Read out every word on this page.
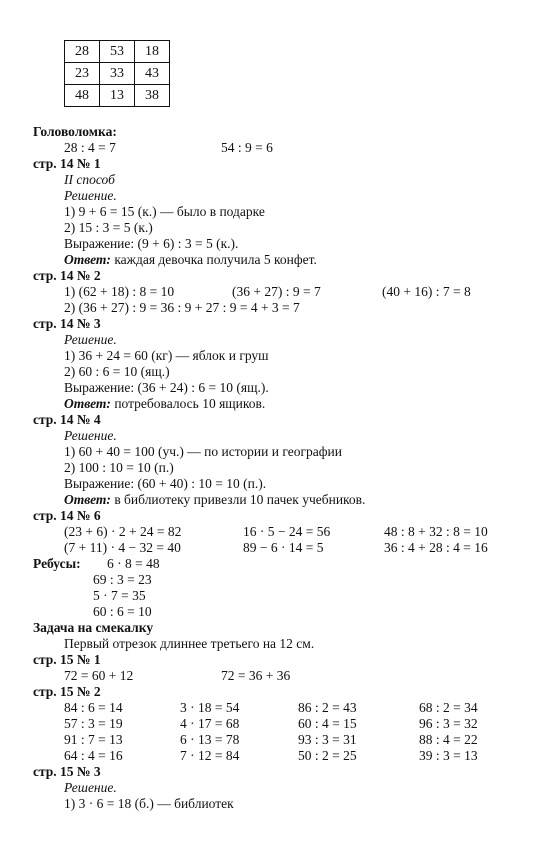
28	53	18
23	33	43
48	13	38
Головоломка:
28 : 4 = 7	54 : 9 = 6
стр. 14 № 1
II способ
Решение.
1) 9 + 6 = 15 (к.) — было в подарке
2) 15 : 3 = 5 (к.)
Выражение: (9 + 6) : 3 = 5 (к.).
Ответ: каждая девочка получила 5 конфет.
стр. 14 № 2
1) (62 + 18) : 8 = 10	(36 + 27) : 9 = 7	(40 + 16) : 7 = 8
2) (36 + 27) : 9 = 36 : 9 + 27 : 9 = 4 + 3 = 7
стр. 14 № 3
Решение.
1) 36 + 24 = 60 (кг) — яблок и груш
2) 60 : 6 = 10 (ящ.)
Выражение: (36 + 24) : 6 = 10 (ящ.).
Ответ: потребовалось 10 ящиков.
стр. 14 № 4
Решение.
1) 60 + 40 = 100 (уч.) — по истории и географии
2) 100 : 10 = 10 (п.)
Выражение: (60 + 40) : 10 = 10 (п.).
Ответ: в библиотеку привезли 10 пачек учебников.
стр. 14 № 6
(23 + 6) · 2 + 24 = 82	16 · 5 − 24 = 56	48 : 8 + 32 : 8 = 10
(7 + 11) · 4 − 32 = 40	89 − 6 · 14 = 5	36 : 4 + 28 : 4 = 16
Ребусы: 6 · 8 = 48
69 : 3 = 23
5 · 7 = 35
60 : 6 = 10
Задача на смекалку
Первый отрезок длиннее третьего на 12 см.
стр. 15 № 1
72 = 60 + 12	72 = 36 + 36
стр. 15 № 2
84 : 6 = 14	3 · 18 = 54	86 : 2 = 43	68 : 2 = 34
57 : 3 = 19	4 · 17 = 68	60 : 4 = 15	96 : 3 = 32
91 : 7 = 13	6 · 13 = 78	93 : 3 = 31	88 : 4 = 22
64 : 4 = 16	7 · 12 = 84	50 : 2 = 25	39 : 3 = 13
стр. 15 № 3
Решение.
1) 3 · 6 = 18 (б.) — библиотек
